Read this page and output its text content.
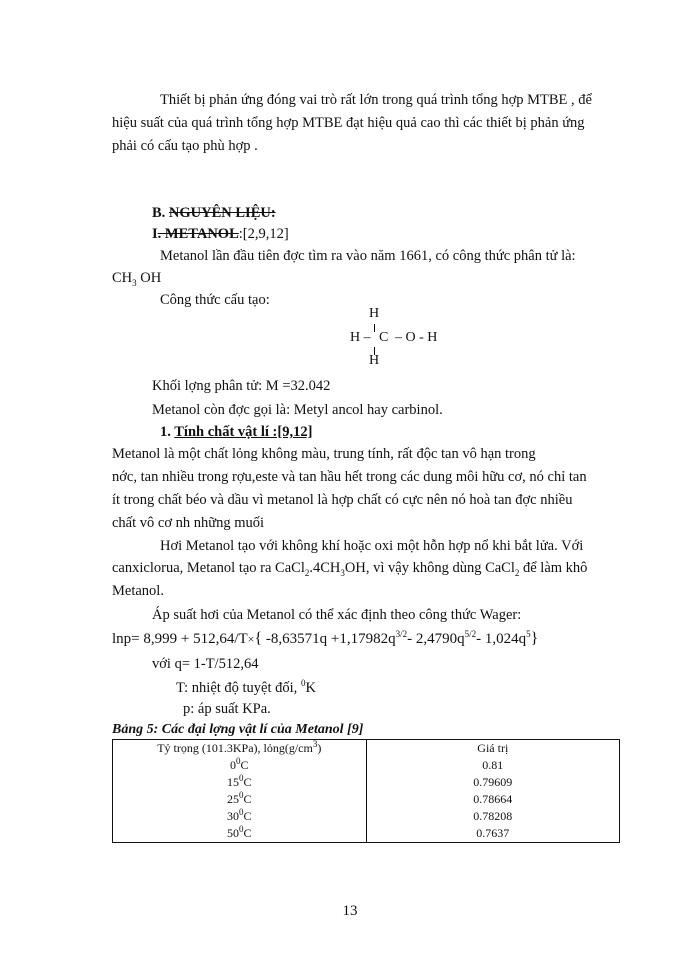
Thiết bị phản ứng đóng vai trò rất lớn trong quá trình tổng hợp MTBE , để
hiệu suất của quá trình tổng hợp MTBE đạt hiệu quả cao thì các thiết bị phản ứng
phải có cấu tạo phù hợp .
B. NGUYÊN LIỆU:
I. METANOL:[2,9,12]
Metanol lần đầu tiên đợc tìm ra vào năm 1661, có công thức phân tử là:
$CH_3$ OH
Công thức cấu tạo:
H
H – C – O - H
H
Khối lợng phân tử: M =32.042
Metanol còn đợc gọi là: Metyl ancol hay carbinol.
1. Tính chất vật lí :[9,12]
Metanol là một chất lỏng không màu, trung tính, rất độc tan vô hạn trong
nớc, tan nhiều trong rợu,este và tan hầu hết trong các dung môi hữu cơ, nó chỉ tan
ít trong chất béo và dầu vì metanol là hợp chất có cực nên nó hoà tan đợc nhiều
chất vô cơ nh những muối
Hơi Metanol tạo với không khí hoặc oxi một hỗn hợp nổ khi bắt lửa. Với
canxiclorua, Metanol tạo ra $CaCl_2.4CH_3OH$, vì vậy không dùng CaCl$_2$ để làm khô
Metanol.
Áp suất hơi của Metanol có thể xác định theo công thức Wager:
lnp= 8,999 + 512,64/T×{ $-8,63571q +1,17982q^{3/2}-$ $2,4790q^{5/2}-$ $1,024q^5$}
với q= 1-T/512,64
T: nhiệt độ tuyệt đối, $^0$K
p: áp suất KPa.
Bảng 5: Các đại lợng vật lí của Metanol [9]
Tỷ trọng (101.3KPa), $lỏng(g/cm^3)$	Giá trị
$0^0C$	0.81
$15^0C$	0.79609
$25^0C$	0.78664
$30^0C$	0.78208
$50^0C$	0.7637
13
